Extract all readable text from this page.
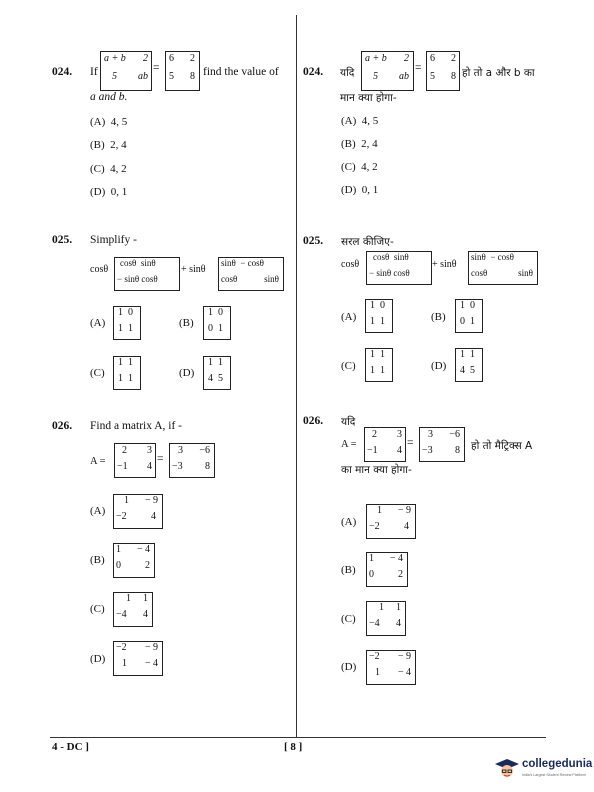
024. If
a + b 2
5 ab
=
6 2
5 8 find the value of
a and b.
(A) 4, 5
(B) 2, 4
(C) 4, 2
(D) 0, 1
025. Simplify -
cosθ
cosθ sinθ
− sinθ cosθ
+ sinθ
sinθ − cosθ
cosθ	sinθ
(A)
1 0
1 1	(B)
1 0
0 1
(C)
1 1
1 1	(D)
1 1
4 5
026. Find a matrix A, if -
A =
2 3
−1 4
=
3 −6
−3 8
(A)
1 − 9
−2 4
(B)
1 − 4
0 2
(C)
1 1
−4 4
(D)
−2 − 9
1 − 4
024. यदि
a + b 2
5 ab
=
6 2
5 8 हो तो a और b का
मान क्या होगा-
(A) 4, 5
(B) 2, 4
(C) 4, 2
(D) 0, 1
025. सरल कीजिए-
cosθ
cosθ sinθ
− sinθ cosθ
+ sinθ
sinθ − cosθ
cosθ	sinθ
(A)
1 0
1 1	(B)
1 0
0 1
(C)
1 1
1 1	(D)
1 1
4 5
026. यदि
A =
2 3
−1 4
=
3 −6
−3 8 हो तो मैट्रिक्स A
का मान क्या होगा-
(A)
1 − 9
−2 4
(B)
1 − 4
0 2
(C)
1 1
−4 4
(D)
−2 − 9
1 − 4
4 - DC ]	[ 8 ]
collegedunia
India's Largest Student Review Platform
